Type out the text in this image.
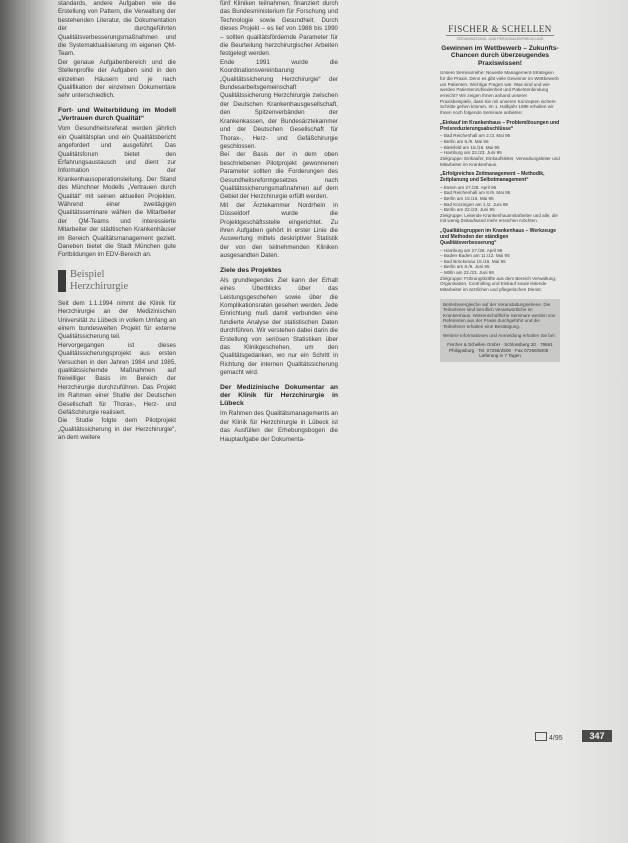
standards, andere Aufgaben wie die Erstellung von Pattern, die Verwaltung der bestehenden Literatur, die Dokumentation der durchgeführten Qualitätsverbesserungsmaßnahmen und die Systemaktualisierung im eigenen QM-Team.

Der genaue Aufgabenbereich und die Stellenprofile der Aufgaben sind in den einzelnen Häusern und je nach Qualifikation der einzelnen Dokumentare sehr unterschiedlich.

Fort- und Weiterbildung im Modell „Vertrauen durch Qualität“

Vom Gesundheitsreferat werden jährlich ein Qualitätsplan und ein Qualitätsbericht angefordert und ausgeführt. Das Qualitätsforum bietet den Erfahrungsaustausch und dient zur Information der Krankenhausoperationsleitung. Der Stand des Münchner Modells „Vertrauen durch Qualität“ mit seinen aktuellen Projekten. Während einer zweitägigen Qualitätsseminare wählen die Mitarbeiter der QM-Teams und interessierte Mitarbeiter der städtischen Krankenhäuser im Bereich Qualitätsmanagement gezielt. Daneben bietet die Stadt München gute Fortbildungen im EDV-Bereich an.

Beispiel
Herzchirurgie

Seit dem 1.1.1994 nimmt die Klinik für Herzchirurgie an der Medizinischen Universität zu Lübeck in vollem Umfang an einem bundesweiten Projekt für externe Qualitätssicherung teil.

Hervorgegangen ist dieses Qualitätssicherungsprojekt aus ersten Versuchen in den Jahren 1984 und 1985, qualitätssichernde Maßnahmen auf freiwilliger Basis im Bereich der Herzchirurgie durchzuführen. Das Projekt im Rahmen einer Studie der Deutschen Gesellschaft für Thorax-, Herz- und Gefäßchirurgie realisiert.

Die Studie folgte dem Pilotprojekt „Qualitätssicherung in der Herzchirurgie“, an dem weitere

fünf Kliniken teilnahmen, finanziert durch das Bundesministerium für Forschung und Technologie sowie Gesundheit. Durch dieses Projekt – es lief von 1988 bis 1990 – sollten qualitätsfördernde Parameter für die Beurteilung herzchirurgischer Arbeiten festgelegt werden.

Ende 1991 wurde die Koordinationsvereinbarung „Qualitätssicherung Herzchirurgie“ der Bundesarbeitsgemeinschaft Qualitätssicherung Herzchirurgie zwischen der Deutschen Krankenhausgesellschaft, den Spitzenverbänden der Krankenkassen, der Bundesärztekammer und der Deutschen Gesellschaft für Thorax-, Herz- und Gefäßchirurgie geschlossen.

Bei der Basis der in dem oben beschriebenen Pilotprojekt gewonnenen Parameter sollten die Forderungen des Gesundheitsreformgesetzes nach Qualitätssicherungsmaßnahmen auf dem Gebiet der Herzchirurgie erfüllt werden.

Mit der Ärztekammer Nordrhein in Düsseldorf wurde die Projektgeschäftsstelle eingerichtet. Zu ihren Aufgaben gehört in erster Linie die Auswertung mittels deskriptiver Statistik der von den teilnehmenden Kliniken ausgesandten Daten.

Ziele des Projektes

Als grundlegendes Ziel kann der Erhalt eines Überblicks über das Leistungsgeschehen sowie über die Komplikationsraten gesehen werden. Jede Einrichtung muß damit verbunden eine fundierte Analyse der statistischen Daten durchführen. Wir verstehen dabei darin die Erstellung von seriösen Statistiken über das Klinikgeschehen, um den Qualitätsgedanken, wo nur ein Schritt in Richtung der internen Qualitätssicherung gemacht wird.

Der Medizinische Dokumentar an der Klinik für Herzchirurgie in Lübeck

Im Rahmen des Qualitätsmanagements an der Klinik für Herzchirurgie in Lübeck ist das Ausfüllen der Erhebungsbogen die Hauptaufgabe der Dokumenta-

FISCHER & SCHELLEN
ORGANISATIONS- UND PERSONALENTWICKLUNG
Gewinnen im Wettbewerb – Zukunfts-Chancen durch überzeugendes Praxiswissen!

Unsere Seminarreihe: Neueste Management-Strategien für die Praxis. Denn es gibt viele Gewinner im Wettbewerb um Patienten. Wichtige Fragen wie: Was sind und wie werden Patientenzufriedenheit und Patientenbindung erreicht? Wir zeigen Ihnen anhand unserer Praxisbeispiele, dass Sie mit unseren Konzepten sichere Schritte gehen können. Im 1. Halbjahr 1995 erhalten wir Ihnen noch folgende Seminare anbieten:

„Einkauf im Krankenhaus – Problemlösungen und Preisreduzierungsabschlüsse“
– Bad Reichenhall am 2./3. Mai 95
– Berlin am 8./9. Mai 95
– Bielefeld am 15./16. Mai 95
– Hamburg am 22./23. Juni 95

Zielgruppe: Einkäufer, Einkaufsleiter, Verwaltungsleiter und Mitarbeiter im Krankenhaus.

„Erfolgreiches Zeitmanagement – Methodik, Zeitplanung und Selbstmanagement“
– Essen am 27./28. April 95
– Bad Reichenhall am 8./9. Mai 95
– Berlin am 15./16. Mai 95
– Bad Krozingen am 1./2. Juni 95
– Berlin am 22./23. Juni 95

Zielgruppe: Leitende Krankenhausmitarbeiter und alle, die mit wenig Zeitaufwand mehr erreichen möchten.

„Qualitätsgruppen im Krankenhaus – Werkzeuge und Methoden der ständigen Qualitätsverbesserung“
– Hamburg am 27./28. April 95
– Baden-Baden am 11./12. Mai 95
– Bad Brückenau 15./16. Mai 95
– Berlin am 8./9. Juni 95
– Mölln am 22./23. Juni 95

Zielgruppe: Führungskräfte aus dem Bereich Verwaltung, Organisation, Controlling und Einkauf sowie leitende Mitarbeiter im ärztlichen und pflegerischen Dienst.

Betriebsvergleiche auf der Veranstaltungsebene. Die Teilnehmer sind beruflich Verantwortliche im Krankenhaus. Wissenschaftliche Seminare werden von Referenten aus der Praxis durchgeführt und die Teilnehmer erhalten eine Bestätigung.

Weitere Informationen und Anmeldung erhalten Sie bei:

Fischer & Schellen GmbH · Schlossberg 20 · 76661 Philippsburg · Tel. 07256/2506 · Fax 07256/5006 · Lieferung in 7 Tagen
4/95	347
